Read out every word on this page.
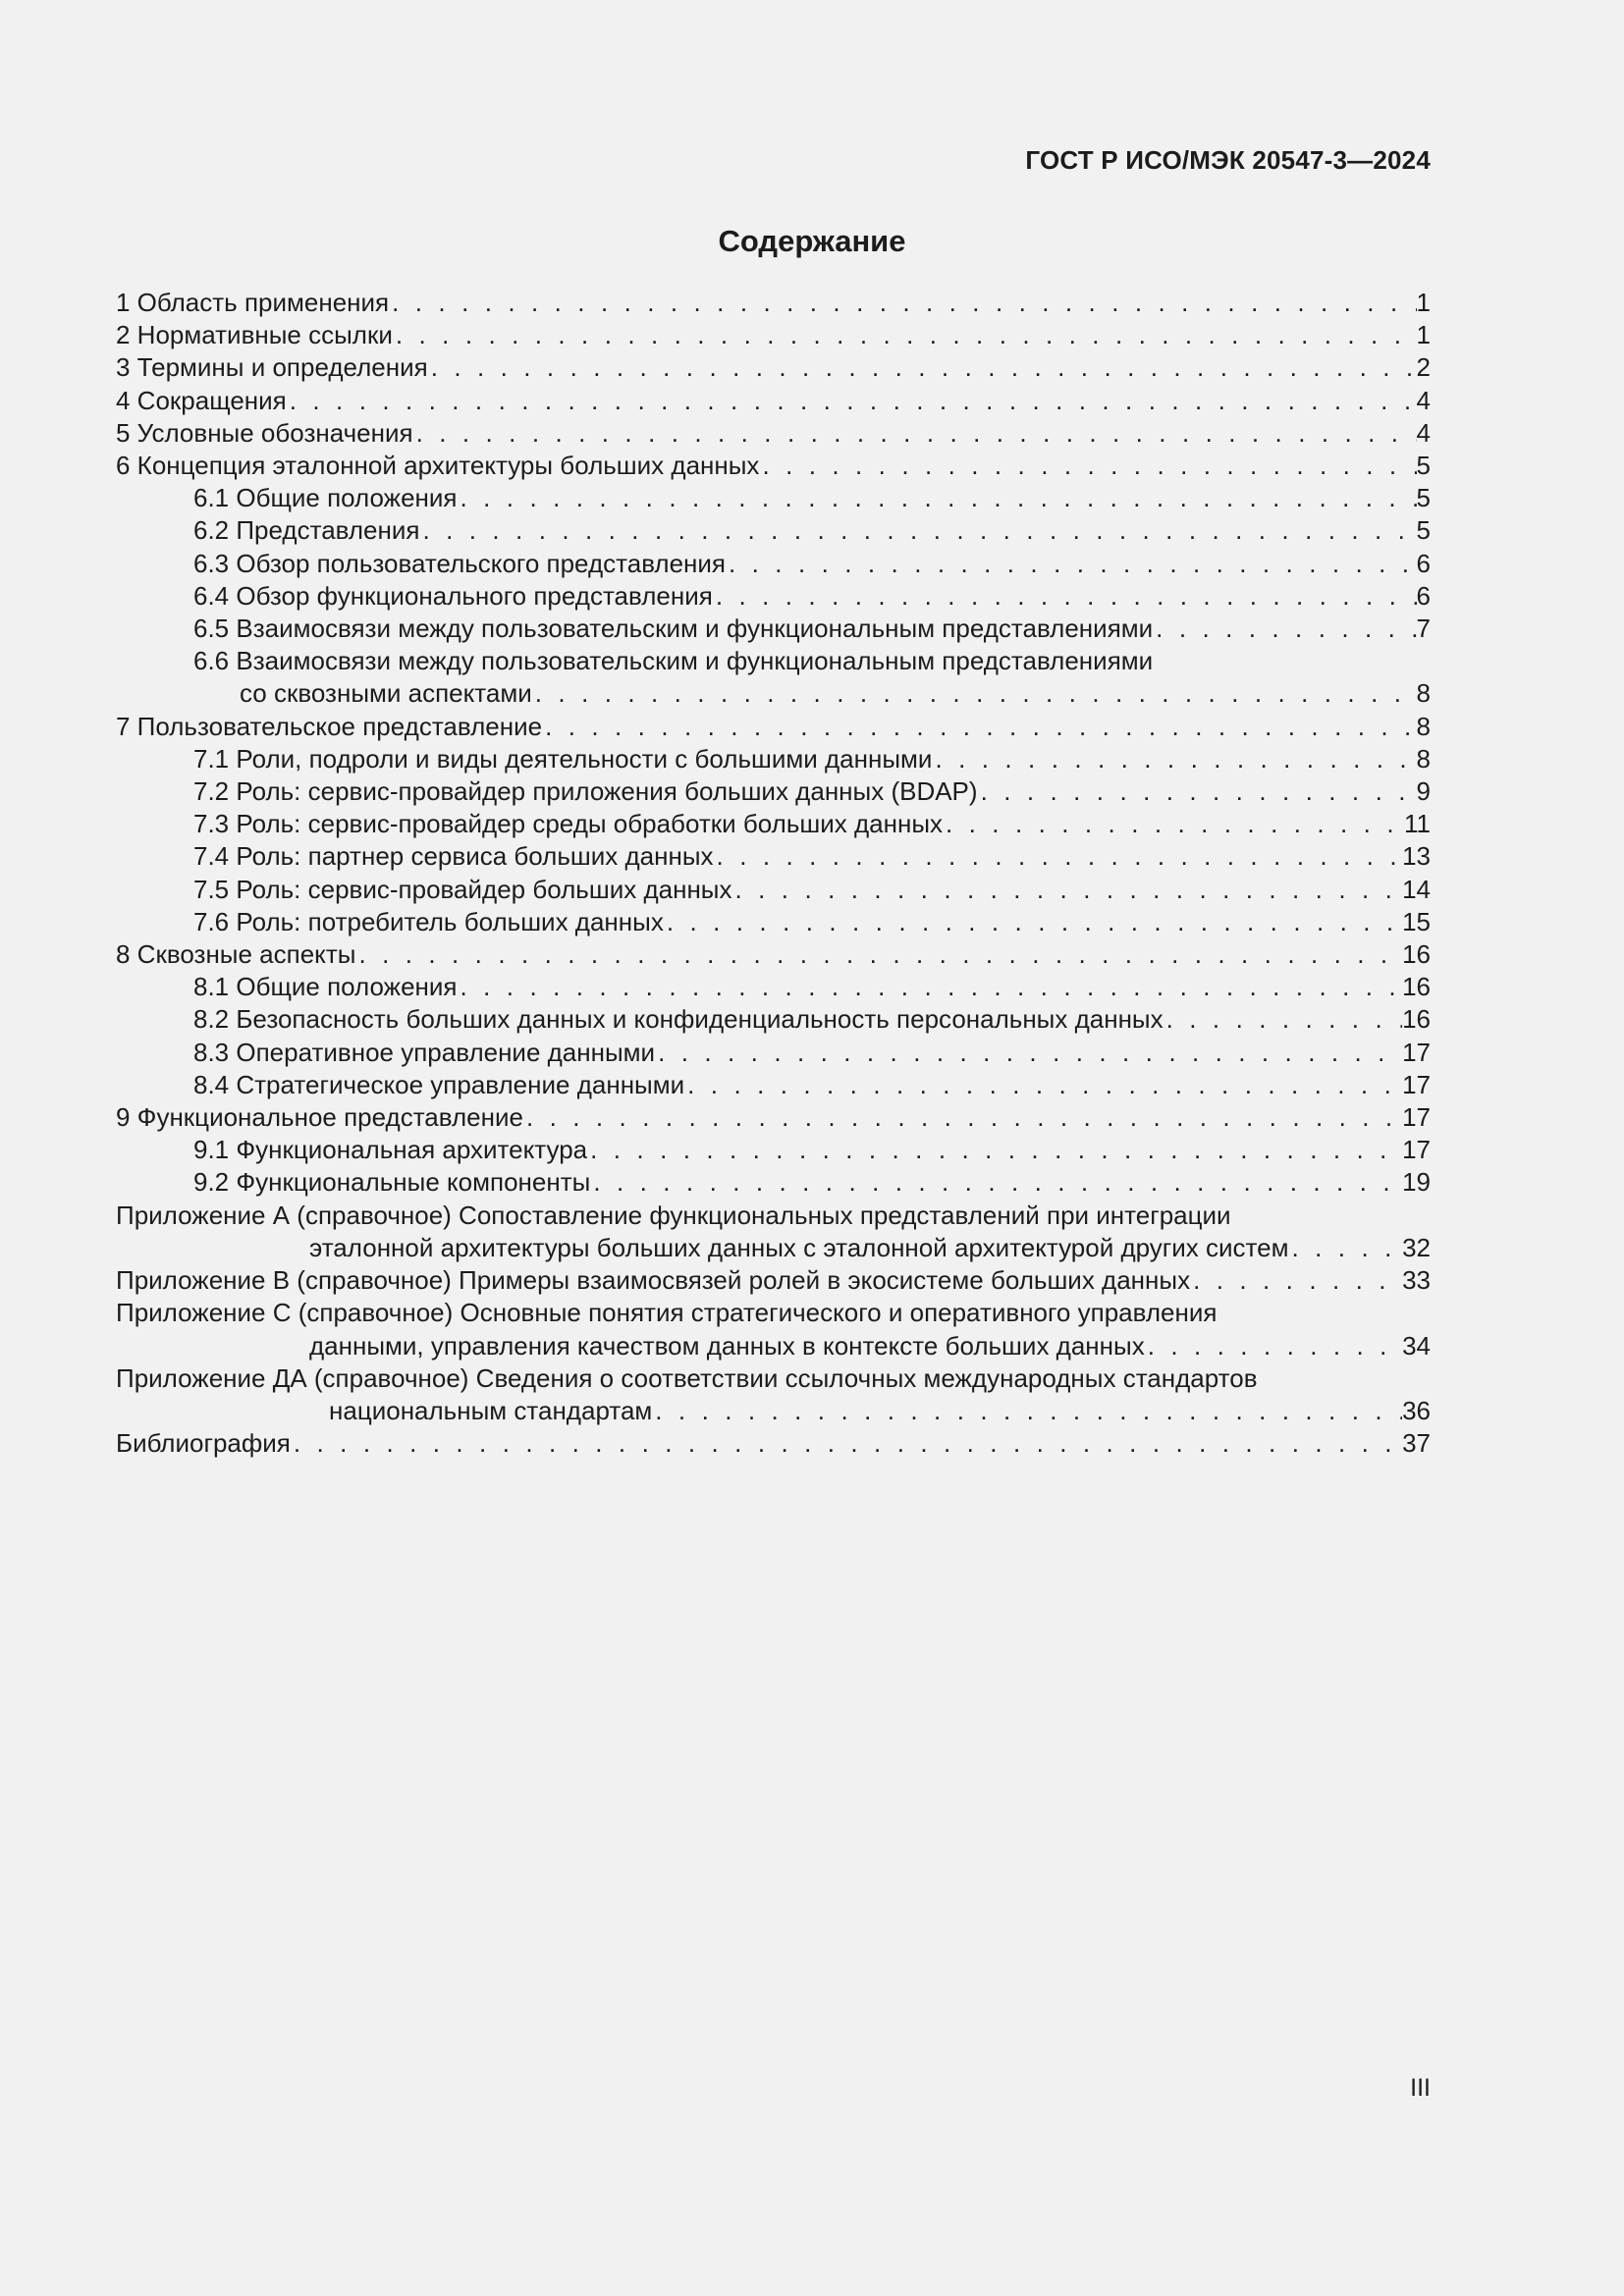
ГОСТ Р ИСО/МЭК 20547-3—2024

Содержание
1 Область применения . . .	1
2 Нормативные ссылки . . .	1
3 Термины и определения . . .	2
4 Сокращения . . .	4
5 Условные обозначения . . .	4
6 Концепция эталонной архитектуры больших данных . . .	5
6.1 Общие положения . . .	5
6.2 Представления . . .	5
6.3 Обзор пользовательского представления . . .	6
6.4 Обзор функционального представления . . .	6
6.5 Взаимосвязи между пользовательским и функциональным представлениями . . .	7
6.6 Взаимосвязи между пользовательским и функциональным представлениями
со сквозными аспектами . . .	8
7 Пользовательское представление . . .	8
7.1 Роли, подроли и виды деятельности с большими данными . . .	8
7.2 Роль: сервис-провайдер приложения больших данных (BDAP) . . .	9
7.3 Роль: сервис-провайдер среды обработки больших данных . . .	11
7.4 Роль: партнер сервиса больших данных . . .	13
7.5 Роль: сервис-провайдер больших данных . . .	14
7.6 Роль: потребитель больших данных . . .	15
8 Сквозные аспекты . . .	16
8.1 Общие положения . . .	16
8.2 Безопасность больших данных и конфиденциальность персональных данных . . .	16
8.3 Оперативное управление данными . . .	17
8.4 Стратегическое управление данными . . .	17
9 Функциональное представление . . .	17
9.1 Функциональная архитектура . . .	17
9.2 Функциональные компоненты . . .	19
Приложение А (справочное) Сопоставление функциональных представлений при интеграции
эталонной архитектуры больших данных с эталонной архитектурой других систем . . .	32
Приложение В (справочное) Примеры взаимосвязей ролей в экосистеме больших данных . . .	33
Приложение С (справочное) Основные понятия стратегического и оперативного управления
данными, управления качеством данных в контексте больших данных . . .	34
Приложение ДА (справочное) Сведения о соответствии ссылочных международных стандартов
национальным стандартам . . .	36
Библиография . . .	37

III
